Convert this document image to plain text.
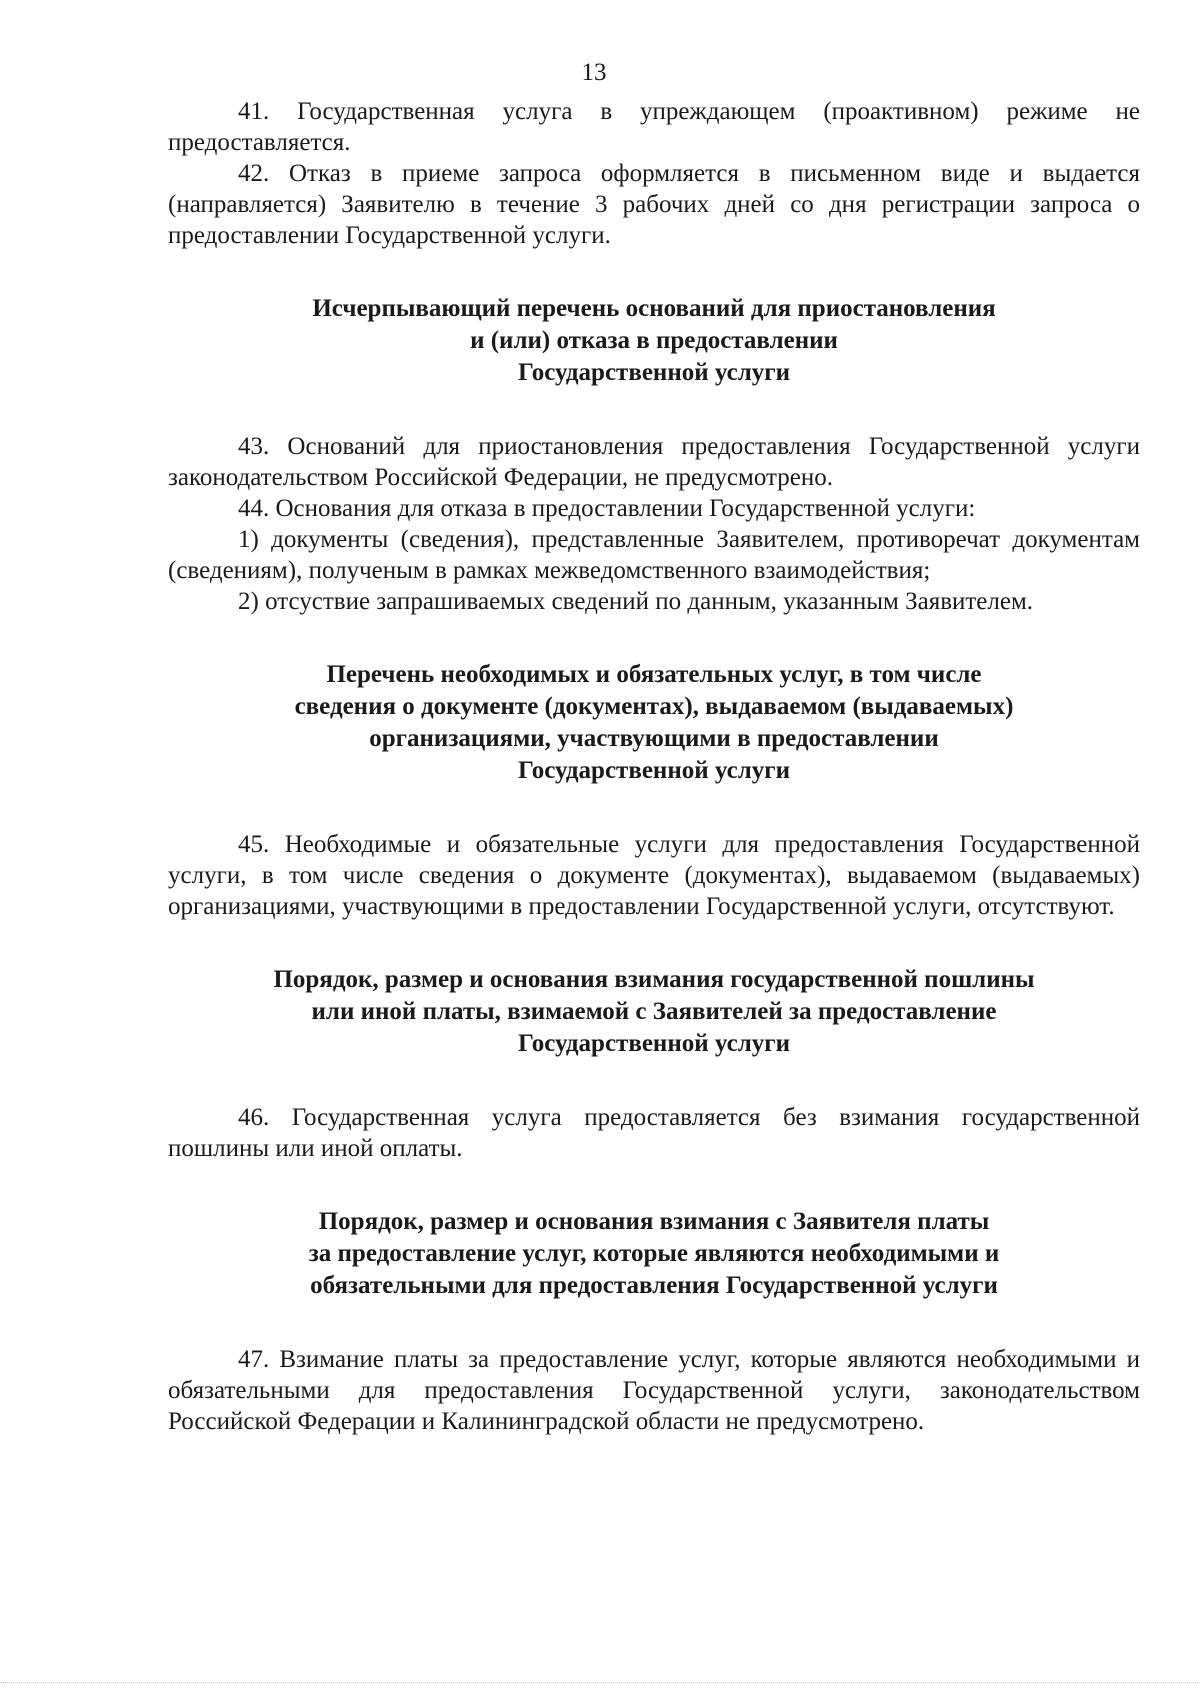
13

41. Государственная услуга в упреждающем (проактивном) режиме не предоставляется.

42. Отказ в приеме запроса оформляется в письменном виде и выдается (направляется) Заявителю в течение 3 рабочих дней со дня регистрации запроса о предоставлении Государственной услуги.

Исчерпывающий перечень оснований для приостановления
и (или) отказа в предоставлении
Государственной услуги

43. Оснований для приостановления предоставления Государственной услуги законодательством Российской Федерации, не предусмотрено.

44. Основания для отказа в предоставлении Государственной услуги:

1) документы (сведения), представленные Заявителем, противоречат документам (сведениям), полученым в рамках межведомственного взаимодействия;

2) отсуствие запрашиваемых сведений по данным, указанным Заявителем.

Перечень необходимых и обязательных услуг, в том числе
сведения о документе (документах), выдаваемом (выдаваемых)
организациями, участвующими в предоставлении
Государственной услуги

45. Необходимые и обязательные услуги для предоставления Государственной услуги, в том числе сведения о документе (документах), выдаваемом (выдаваемых) организациями, участвующими в предоставлении Государственной услуги, отсутствуют.

Порядок, размер и основания взимания государственной пошлины
или иной платы, взимаемой с Заявителей за предоставление
Государственной услуги

46. Государственная услуга предоставляется без взимания государственной пошлины или иной оплаты.

Порядок, размер и основания взимания с Заявителя платы
за предоставление услуг, которые являются необходимыми и
обязательными для предоставления Государственной услуги

47. Взимание платы за предоставление услуг, которые являются необходимыми и обязательными для предоставления Государственной услуги, законодательством Российской Федерации и Калининградской области не предусмотрено.
